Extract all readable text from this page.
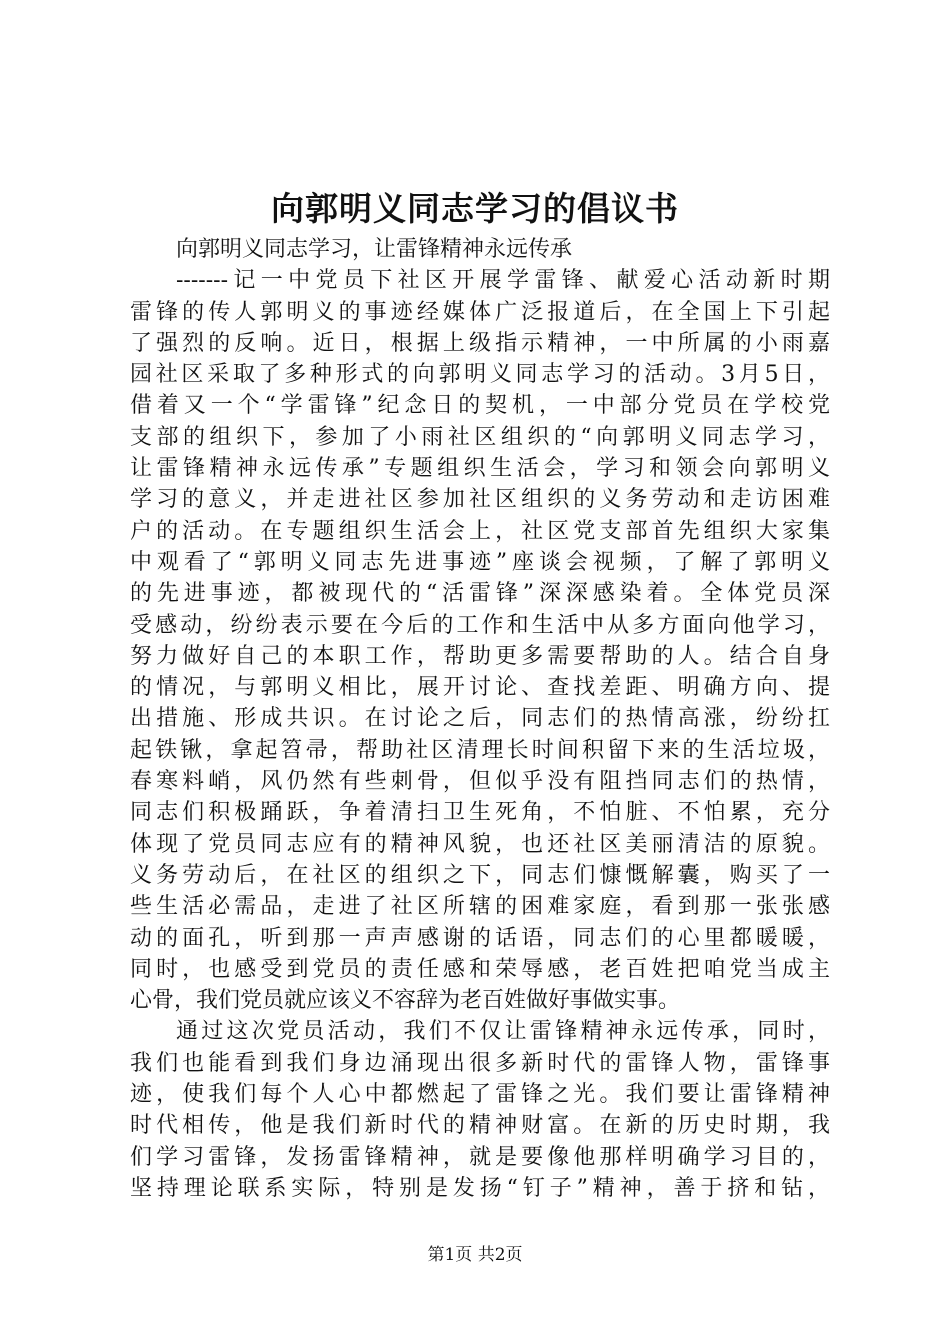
向郭明义同志学习的倡议书
向郭明义同志学习，让雷锋精神永远传承
-------记一中党员下社区开展学雷锋、献爱心活动新时期
雷锋的传人郭明义的事迹经媒体广泛报道后，在全国上下引起
了强烈的反响。近日，根据上级指示精神，一中所属的小雨嘉
园社区采取了多种形式的向郭明义同志学习的活动。3月5日，
借着又一个“学雷锋”纪念日的契机，一中部分党员在学校党
支部的组织下，参加了小雨社区组织的“向郭明义同志学习，
让雷锋精神永远传承”专题组织生活会，学习和领会向郭明义
学习的意义，并走进社区参加社区组织的义务劳动和走访困难
户的活动。在专题组织生活会上，社区党支部首先组织大家集
中观看了“郭明义同志先进事迹”座谈会视频，了解了郭明义
的先进事迹，都被现代的“活雷锋”深深感染着。全体党员深
受感动，纷纷表示要在今后的工作和生活中从多方面向他学习，
努力做好自己的本职工作，帮助更多需要帮助的人。结合自身
的情况，与郭明义相比，展开讨论、查找差距、明确方向、提
出措施、形成共识。在讨论之后，同志们的热情高涨，纷纷扛
起铁锹，拿起笤帚，帮助社区清理长时间积留下来的生活垃圾，
春寒料峭，风仍然有些刺骨，但似乎没有阻挡同志们的热情，
同志们积极踊跃，争着清扫卫生死角，不怕脏、不怕累，充分
体现了党员同志应有的精神风貌，也还社区美丽清洁的原貌。
义务劳动后，在社区的组织之下，同志们慷慨解囊，购买了一
些生活必需品，走进了社区所辖的困难家庭，看到那一张张感
动的面孔，听到那一声声感谢的话语，同志们的心里都暖暖，
同时，也感受到党员的责任感和荣辱感，老百姓把咱党当成主
心骨，我们党员就应该义不容辞为老百姓做好事做实事。
通过这次党员活动，我们不仅让雷锋精神永远传承，同时，
我们也能看到我们身边涌现出很多新时代的雷锋人物，雷锋事
迹，使我们每个人心中都燃起了雷锋之光。我们要让雷锋精神
时代相传，他是我们新时代的精神财富。在新的历史时期，我
们学习雷锋，发扬雷锋精神，就是要像他那样明确学习目的，
坚持理论联系实际，特别是发扬“钉子”精神，善于挤和钻，
第1页 共2页
